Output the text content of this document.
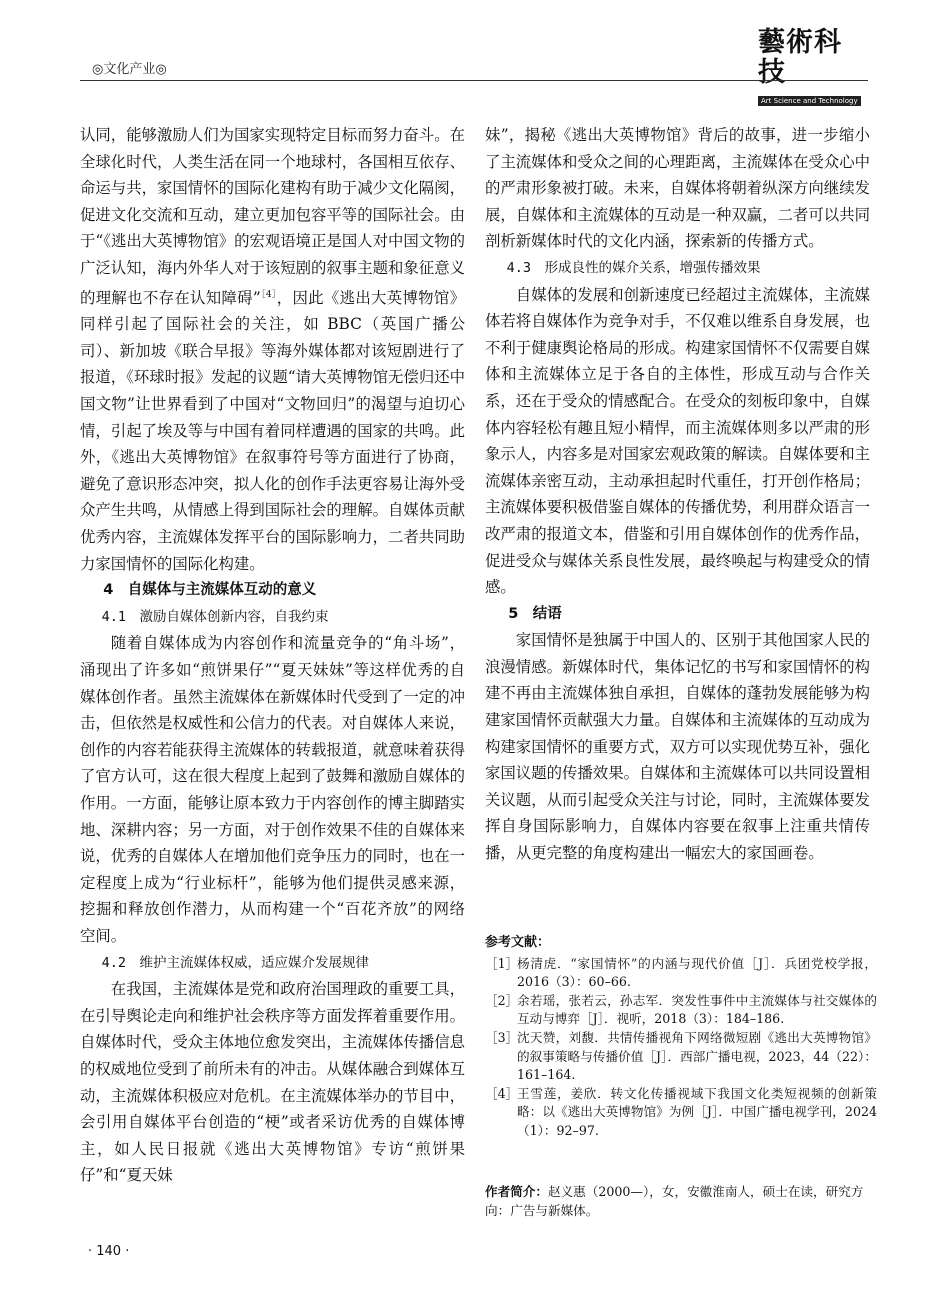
◎文化产业◎
藝術科技
Art Science and Technology

认同，能够激励人们为国家实现特定目标而努力奋斗。在全球化时代，人类生活在同一个地球村，各国相互依存、命运与共，家国情怀的国际化建构有助于减少文化隔阂，促进文化交流和互动，建立更加包容平等的国际社会。由于“《逃出大英博物馆》的宏观语境正是国人对中国文物的广泛认知，海内外华人对于该短剧的叙事主题和象征意义的理解也不存在认知障碍”$^{[4]}$，因此《逃出大英博物馆》同样引起了国际社会的关注，如 BBC（英国广播公司）、新加坡《联合早报》等海外媒体都对该短剧进行了报道，《环球时报》发起的议题“请大英博物馆无偿归还中国文物”让世界看到了中国对“文物回归”的渴望与迫切心情，引起了埃及等与中国有着同样遭遇的国家的共鸣。此外，《逃出大英博物馆》在叙事符号等方面进行了协商，避免了意识形态冲突，拟人化的创作手法更容易让海外受众产生共鸣，从情感上得到国际社会的理解。自媒体贡献优秀内容，主流媒体发挥平台的国际影响力，二者共同助力家国情怀的国际化构建。

4　自媒体与主流媒体互动的意义

4.1　激励自媒体创新内容，自我约束

随着自媒体成为内容创作和流量竞争的“角斗场”，涌现出了许多如“煎饼果仔”“夏天妹妹”等这样优秀的自媒体创作者。虽然主流媒体在新媒体时代受到了一定的冲击，但依然是权威性和公信力的代表。对自媒体人来说，创作的内容若能获得主流媒体的转载报道，就意味着获得了官方认可，这在很大程度上起到了鼓舞和激励自媒体的作用。一方面，能够让原本致力于内容创作的博主脚踏实地、深耕内容；另一方面，对于创作效果不佳的自媒体来说，优秀的自媒体人在增加他们竞争压力的同时，也在一定程度上成为“行业标杆”，能够为他们提供灵感来源，挖掘和释放创作潜力，从而构建一个“百花齐放”的网络空间。

4.2　维护主流媒体权威，适应媒介发展规律

在我国，主流媒体是党和政府治国理政的重要工具，在引导舆论走向和维护社会秩序等方面发挥着重要作用。自媒体时代，受众主体地位愈发突出，主流媒体传播信息的权威地位受到了前所未有的冲击。从媒体融合到媒体互动，主流媒体积极应对危机。在主流媒体举办的节目中，会引用自媒体平台创造的“梗”或者采访优秀的自媒体博主，如人民日报就《逃出大英博物馆》专访“煎饼果仔”和“夏天妹

妹”，揭秘《逃出大英博物馆》背后的故事，进一步缩小了主流媒体和受众之间的心理距离，主流媒体在受众心中的严肃形象被打破。未来，自媒体将朝着纵深方向继续发展，自媒体和主流媒体的互动是一种双赢，二者可以共同剖析新媒体时代的文化内涵，探索新的传播方式。

4.3　形成良性的媒介关系，增强传播效果

自媒体的发展和创新速度已经超过主流媒体，主流媒体若将自媒体作为竞争对手，不仅难以维系自身发展，也不利于健康舆论格局的形成。构建家国情怀不仅需要自媒体和主流媒体立足于各自的主体性，形成互动与合作关系，还在于受众的情感配合。在受众的刻板印象中，自媒体内容轻松有趣且短小精悍，而主流媒体则多以严肃的形象示人，内容多是对国家宏观政策的解读。自媒体要和主流媒体亲密互动，主动承担起时代重任，打开创作格局；主流媒体要积极借鉴自媒体的传播优势，利用群众语言一改严肃的报道文本，借鉴和引用自媒体创作的优秀作品，促进受众与媒体关系良性发展，最终唤起与构建受众的情感。

5　结语

家国情怀是独属于中国人的、区别于其他国家人民的浪漫情感。新媒体时代，集体记忆的书写和家国情怀的构建不再由主流媒体独自承担，自媒体的蓬勃发展能够为构建家国情怀贡献强大力量。自媒体和主流媒体的互动成为构建家国情怀的重要方式，双方可以实现优势互补，强化家国议题的传播效果。自媒体和主流媒体可以共同设置相关议题，从而引起受众关注与讨论，同时，主流媒体要发挥自身国际影响力，自媒体内容要在叙事上注重共情传播，从更完整的角度构建出一幅宏大的家国画卷。

参考文献：
［1］
杨清虎．“家国情怀”的内涵与现代价值［J］．兵团党校学报，2016（3）：60–66.
［2］
余若瑶，张若云，孙志军．突发性事件中主流媒体与社交媒体的互动与博弈［J］．视听，2018（3）：184–186.
［3］
沈天赞，刘馥．共情传播视角下网络微短剧《逃出大英博物馆》的叙事策略与传播价值［J］．西部广播电视，2023，44（22）：161–164.
［4］
王雪莲，姜欣．转文化传播视域下我国文化类短视频的创新策略：以《逃出大英博物馆》为例［J］．中国广播电视学刊，2024（1）：92–97.
作者简介：赵义惠（2000—），女，安徽淮南人，硕士在读，研究方向：广告与新媒体。
· 140 ·
